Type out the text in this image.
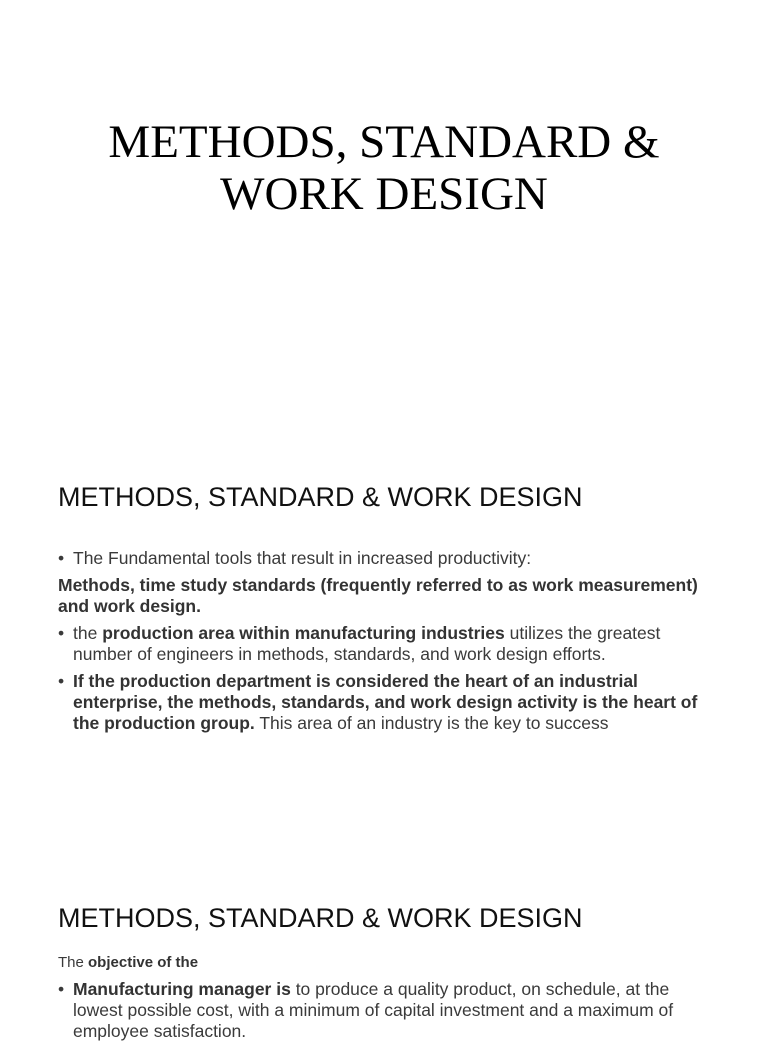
METHODS, STANDARD &
WORK DESIGN
METHODS, STANDARD & WORK DESIGN
• The Fundamental tools that result in increased productivity:
Methods, time study standards (frequently referred to as work measurement) and work design.
• the production area within manufacturing industries utilizes the greatest number of engineers in methods, standards, and work design efforts.
• If the production department is considered the heart of an industrial enterprise, the methods, standards, and work design activity is the heart of the production group. This area of an industry is the key to success
METHODS, STANDARD & WORK DESIGN
The objective of the
• Manufacturing manager is to produce a quality product, on schedule, at the lowest possible cost, with a minimum of capital investment and a maximum of employee satisfaction.
